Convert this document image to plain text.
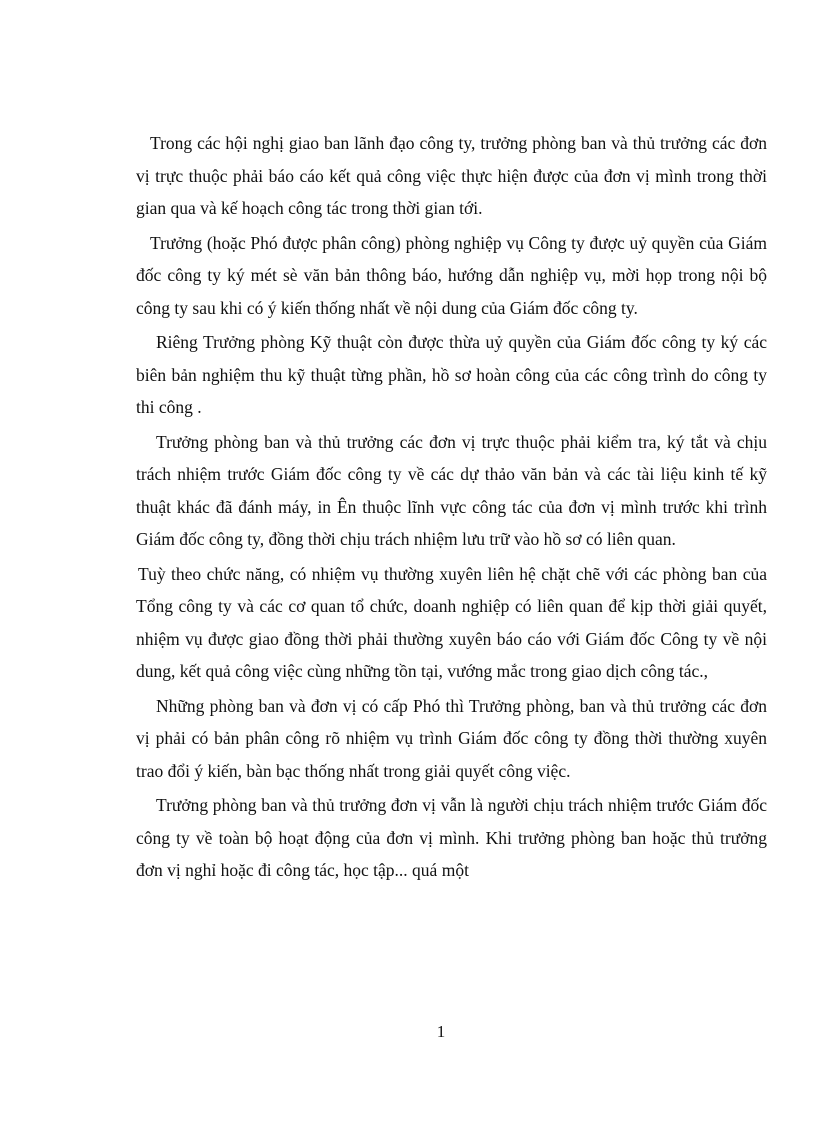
Trong các hội nghị giao ban lãnh đạo công ty, trưởng phòng ban và thủ trưởng các đơn vị trực thuộc phải báo cáo kết quả công việc thực hiện được của đơn vị mình trong thời gian qua và kế hoạch công tác trong thời gian tới.

Trưởng (hoặc Phó được phân công) phòng nghiệp vụ Công ty được uỷ quyền của Giám đốc công ty ký mét sè văn bản thông báo, hướng dẫn nghiệp vụ, mời họp trong nội bộ công ty sau khi có ý kiến thống nhất về nội dung của Giám đốc công ty.

Riêng Trưởng phòng Kỹ thuật còn được thừa uỷ quyền của Giám đốc công ty ký các biên bản nghiệm thu kỹ thuật từng phần, hồ sơ hoàn công của các công trình do công ty thi công .

Trưởng phòng ban và thủ trưởng các đơn vị trực thuộc phải kiểm tra, ký tắt và chịu trách nhiệm trước Giám đốc công ty về các dự thảo văn bản và các tài liệu kinh tế kỹ thuật khác đã đánh máy, in Ên thuộc lĩnh vực công tác của đơn vị mình trước khi trình Giám đốc công ty, đồng thời chịu trách nhiệm lưu trữ vào hồ sơ có liên quan.

Tuỳ theo chức năng, có nhiệm vụ thường xuyên liên hệ chặt chẽ với các phòng ban của Tổng công ty và các cơ quan tổ chức, doanh nghiệp có liên quan để kịp thời giải quyết, nhiệm vụ được giao đồng thời phải thường xuyên báo cáo với Giám đốc Công ty về nội dung, kết quả công việc cùng những tồn tại, vướng mắc trong giao dịch công tác.,

Những phòng ban và đơn vị có cấp Phó thì Trưởng phòng, ban và thủ trưởng các đơn vị phải có bản phân công rõ nhiệm vụ trình Giám đốc công ty đồng thời thường xuyên trao đổi ý kiến, bàn bạc thống nhất trong giải quyết công việc.

Trưởng phòng ban và thủ trưởng đơn vị vẫn là người chịu trách nhiệm trước Giám đốc công ty về toàn bộ hoạt động của đơn vị mình. Khi trưởng phòng ban hoặc thủ trưởng đơn vị nghỉ hoặc đi công tác, học tập... quá một

1
